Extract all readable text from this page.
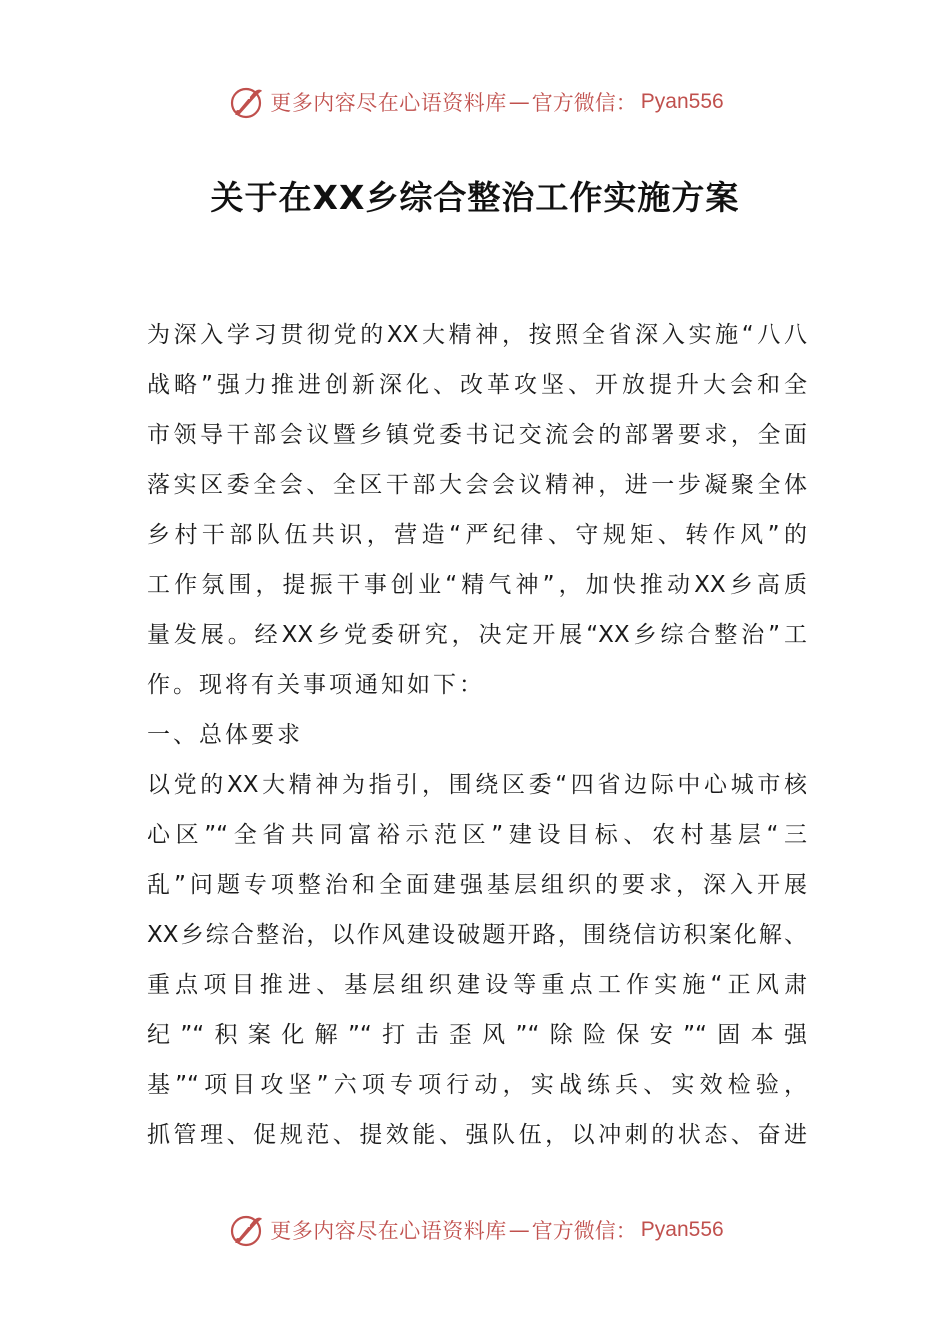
更多内容尽在心语资料库 — 官方微信： Pyan556
关于在XX乡综合整治工作实施方案
为深入学习贯彻党的XX大精神，按照全省深入实施“八八
战略”强力推进创新深化、改革攻坚、开放提升大会和全
市领导干部会议暨乡镇党委书记交流会的部署要求，全面
落实区委全会、全区干部大会会议精神，进一步凝聚全体
乡村干部队伍共识，营造“严纪律、守规矩、转作风”的
工作氛围，提振干事创业“精气神”，加快推动XX乡高质
量发展。经XX乡党委研究，决定开展“XX乡综合整治”工
作。现将有关事项通知如下：
一、总体要求
以党的XX大精神为指引，围绕区委“四省边际中心城市核
心区”“全省共同富裕示范区”建设目标、农村基层“三
乱”问题专项整治和全面建强基层组织的要求，深入开展
XX乡综合整治，以作风建设破题开路，围绕信访积案化解、
重点项目推进、基层组织建设等重点工作实施“正风肃
纪”“积案化解”“打击歪风”“除险保安”“固本强
基”“项目攻坚”六项专项行动，实战练兵、实效检验，
抓管理、促规范、提效能、强队伍，以冲刺的状态、奋进
更多内容尽在心语资料库 — 官方微信： Pyan556
